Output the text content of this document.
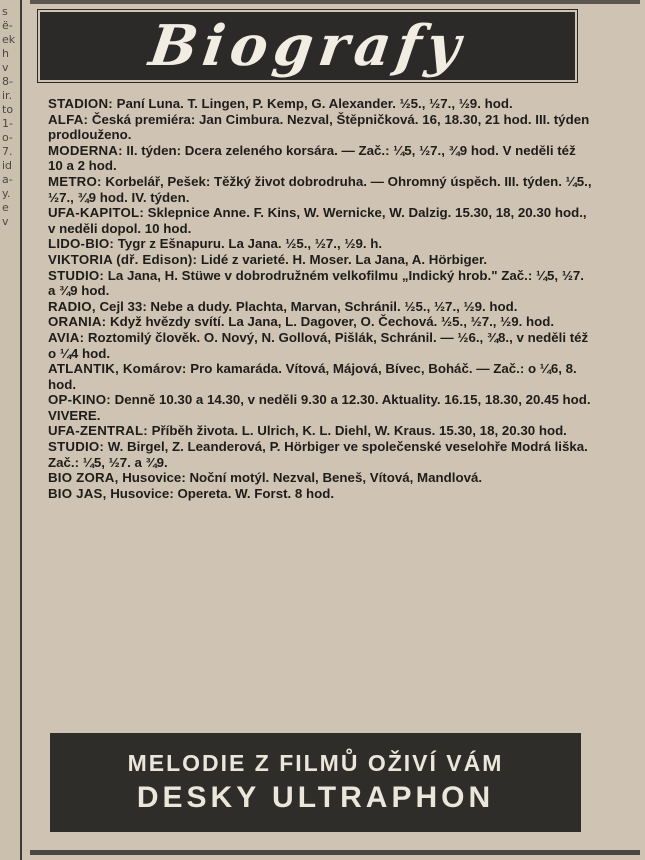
s
ë-
ek
h
v
8-
ir.
to
1-
o-
7.
id
a-
y.
e
v
Biografy

STADION: Paní Luna. T. Lingen, P. Kemp, G. Alexander. ½5., ½7., ½9. hod.

ALFA: Česká premiéra: Jan Cimbura. Nezval, Štěpničková. 16, 18.30, 21 hod. III. týden prodlouženo.

MODERNA: II. týden: Dcera zeleného korsára. — Zač.: ¼5, ½7., ¾9 hod. V neděli též 10 a 2 hod.

METRO: Korbelář, Pešek: Těžký život dobrodruha. — Ohromný úspěch. III. týden. ¼5., ½7., ¾9 hod. IV. týden.

UFA-KAPITOL: Sklepnice Anne. F. Kins, W. Wernicke, W. Dalzig. 15.30, 18, 20.30 hod., v neděli dopol. 10 hod.

LIDO-BIO: Tygr z Ešnapuru. La Jana. ½5., ½7., ½9. h.

VIKTORIA (dř. Edison): Lidé z varieté. H. Moser. La Jana, A. Hörbiger.

STUDIO: La Jana, H. Stüwe v dobrodružném velkofilmu „Indický hrob." Zač.: ¼5, ½7. a ¾9 hod.

RADIO, Cejl 33: Nebe a dudy. Plachta, Marvan, Schránil. ½5., ½7., ½9. hod.

ORANIA: Když hvězdy svítí. La Jana, L. Dagover, O. Čechová. ½5., ½7., ½9. hod.

AVIA: Roztomilý člověk. O. Nový, N. Gollová, Pišlák, Schránil. — ½6., ¾8., v neděli též o ¼4 hod.

ATLANTIK, Komárov: Pro kamaráda. Vítová, Májová, Bívec, Boháč. — Zač.: o ¼6, 8. hod.

OP-KINO: Denně 10.30 a 14.30, v neděli 9.30 a 12.30. Aktuality. 16.15, 18.30, 20.45 hod. VIVERE.

UFA-ZENTRAL: Příběh života. L. Ulrich, K. L. Diehl, W. Kraus. 15.30, 18, 20.30 hod.

STUDIO: W. Birgel, Z. Leanderová, P. Hörbiger ve společenské veselohře Modrá liška. Zač.: ¼5, ½7. a ¾9.

BIO ZORA, Husovice: Noční motýl. Nezval, Beneš, Vítová, Mandlová.

BIO JAS, Husovice: Opereta. W. Forst. 8 hod.

MELODIE Z FILMŮ OŽIVÍ VÁM
DESKY ULTRAPHON
